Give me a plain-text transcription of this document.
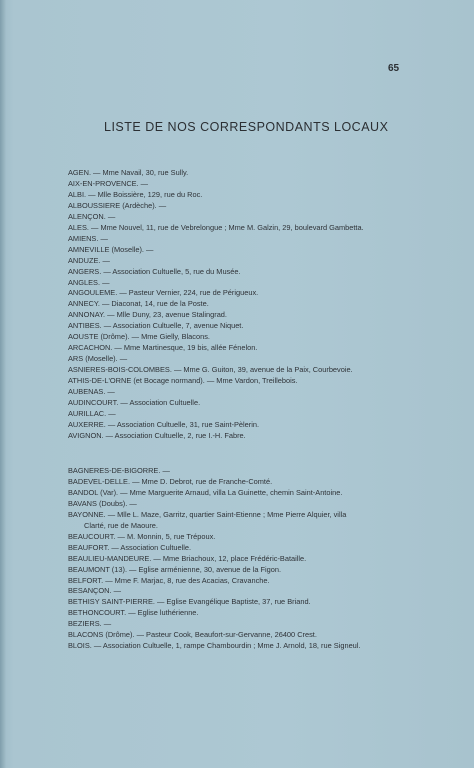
65
LISTE DE NOS CORRESPONDANTS LOCAUX
AGEN. — Mme Navail, 30, rue Sully.
AIX-EN-PROVENCE. —
ALBI. — Mlle Boissière, 129, rue du Roc.
ALBOUSSIERE (Ardèche). —
ALENÇON. —
ALES. — Mme Nouvel, 11, rue de Vebrelongue ; Mme M. Galzin, 29, boulevard Gambetta.
AMIENS. —
AMNEVILLE (Moselle). —
ANDUZE. —
ANGERS. — Association Cultuelle, 5, rue du Musée.
ANGLES. —
ANGOULEME. — Pasteur Vernier, 224, rue de Périgueux.
ANNECY. — Diaconat, 14, rue de la Poste.
ANNONAY. — Mlle Duny, 23, avenue Stalingrad.
ANTIBES. — Association Cultuelle, 7, avenue Niquet.
AOUSTE (Drôme). — Mme Gielly, Blacons.
ARCACHON. — Mme Martinesque, 19 bis, allée Fénelon.
ARS (Moselle). —
ASNIERES-BOIS-COLOMBES. — Mme G. Guiton, 39, avenue de la Paix, Courbevoie.
ATHIS-DE-L'ORNE (et Bocage normand). — Mme Vardon, Treillebois.
AUBENAS. —
AUDINCOURT. — Association Cultuelle.
AURILLAC. —
AUXERRE. — Association Cultuelle, 31, rue Saint-Pèlerin.
AVIGNON. — Association Cultuelle, 2, rue I.-H. Fabre.
BAGNERES-DE-BIGORRE. —
BADEVEL-DELLE. — Mme D. Debrot, rue de Franche-Comté.
BANDOL (Var). — Mme Marguerite Arnaud, villa La Guinette, chemin Saint-Antoine.
BAVANS (Doubs). —
BAYONNE. — Mlle L. Maze, Garritz, quartier Saint-Etienne ; Mme Pierre Alquier, villa
Clarté, rue de Maoure.
BEAUCOURT. — M. Monnin, 5, rue Trépoux.
BEAUFORT. — Association Cultuelle.
BEAULIEU-MANDEURE. — Mme Briachoux, 12, place Frédéric-Bataille.
BEAUMONT (13). — Eglise arménienne, 30, avenue de la Figon.
BELFORT. — Mme F. Marjac, 8, rue des Acacias, Cravanche.
BESANÇON. —
BETHISY SAINT-PIERRE. — Eglise Evangélique Baptiste, 37, rue Briand.
BETHONCOURT. — Eglise luthérienne.
BEZIERS. —
BLACONS (Drôme). — Pasteur Cook, Beaufort-sur-Gervanne, 26400 Crest.
BLOIS. — Association Cultuelle, 1, rampe Chambourdin ; Mme J. Arnold, 18, rue Signeul.
